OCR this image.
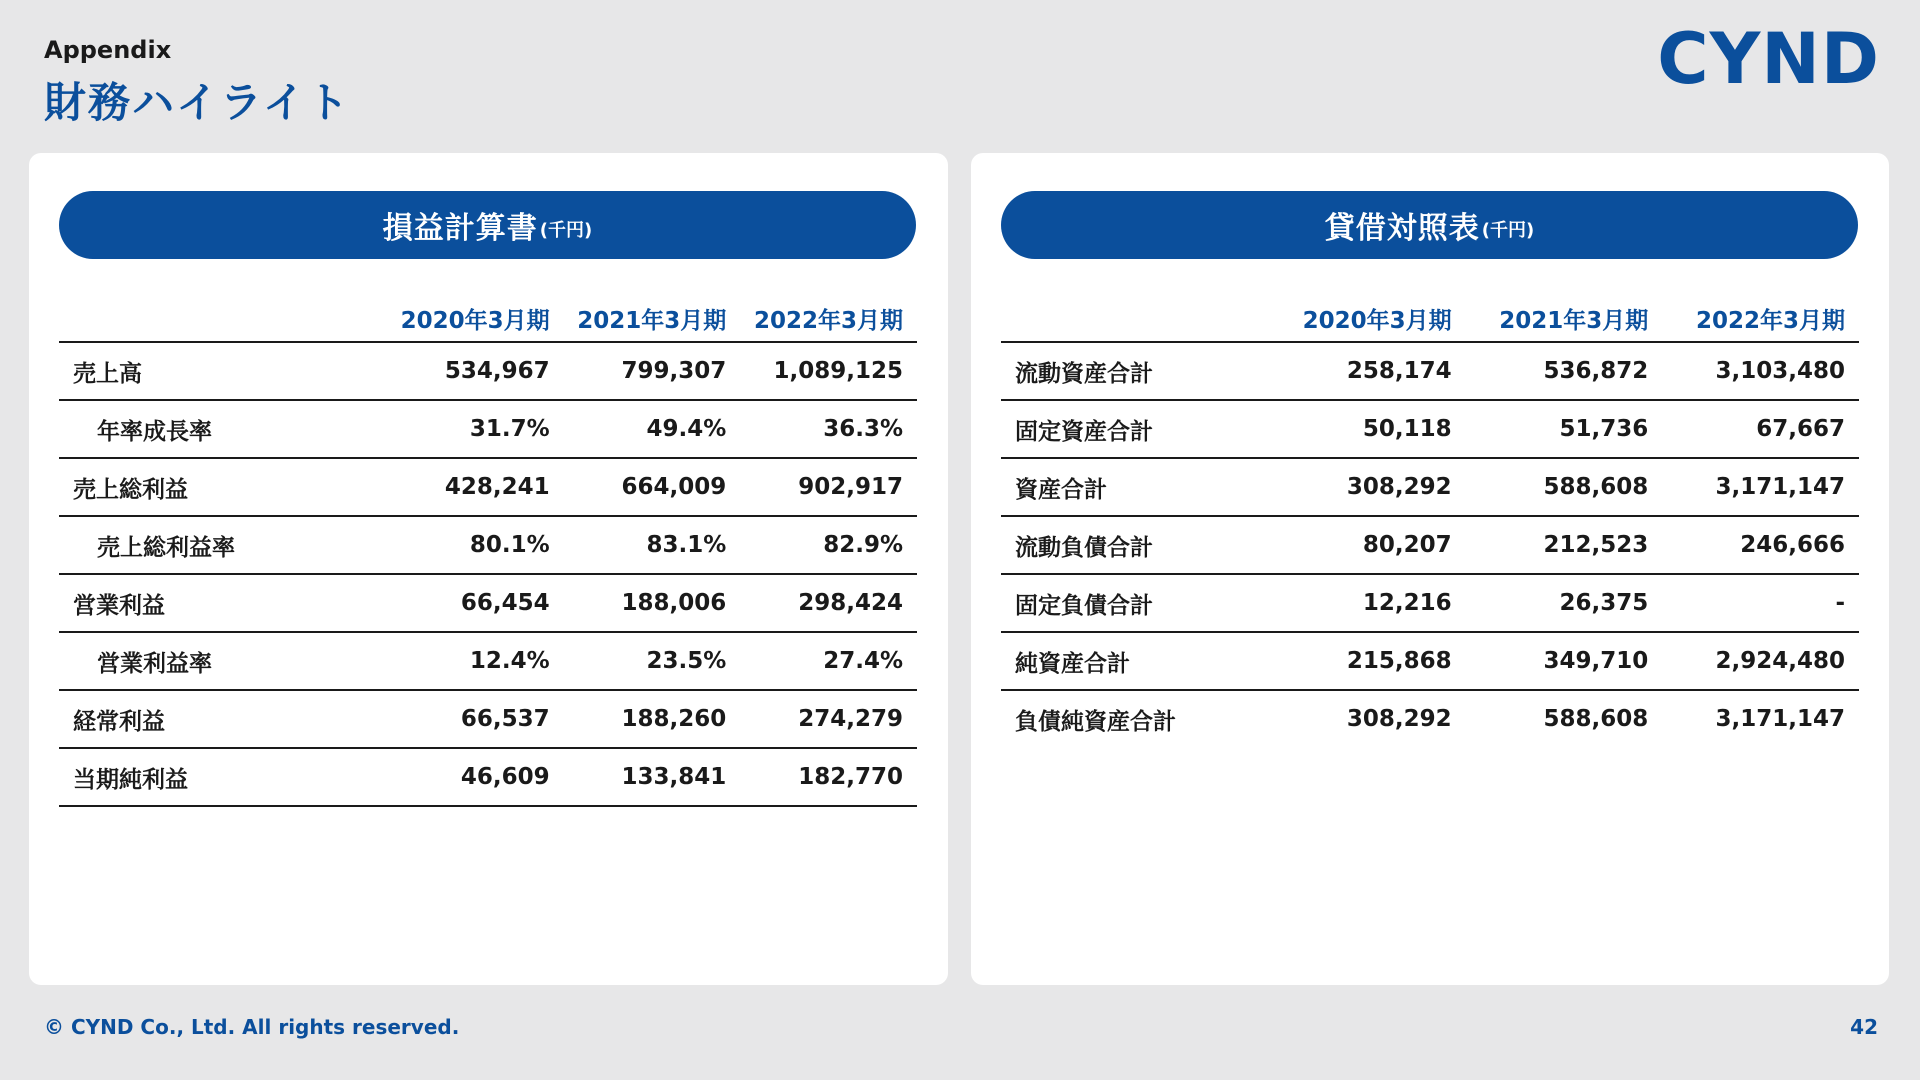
Appendix
財務ハイライト
CYND
損益計算書 (千円)
	2020年3月期	2021年3月期	2022年3月期
売上高	534,967	799,307	1,089,125
年率成長率	31.7%	49.4%	36.3%
売上総利益	428,241	664,009	902,917
売上総利益率	80.1%	83.1%	82.9%
営業利益	66,454	188,006	298,424
営業利益率	12.4%	23.5%	27.4%
経常利益	66,537	188,260	274,279
当期純利益	46,609	133,841	182,770
貸借対照表 (千円)
	2020年3月期	2021年3月期	2022年3月期
流動資産合計	258,174	536,872	3,103,480
固定資産合計	50,118	51,736	67,667
資産合計	308,292	588,608	3,171,147
流動負債合計	80,207	212,523	246,666
固定負債合計	12,216	26,375	-
純資産合計	215,868	349,710	2,924,480
負債純資産合計	308,292	588,608	3,171,147
© CYND Co., Ltd. All rights reserved.	42
